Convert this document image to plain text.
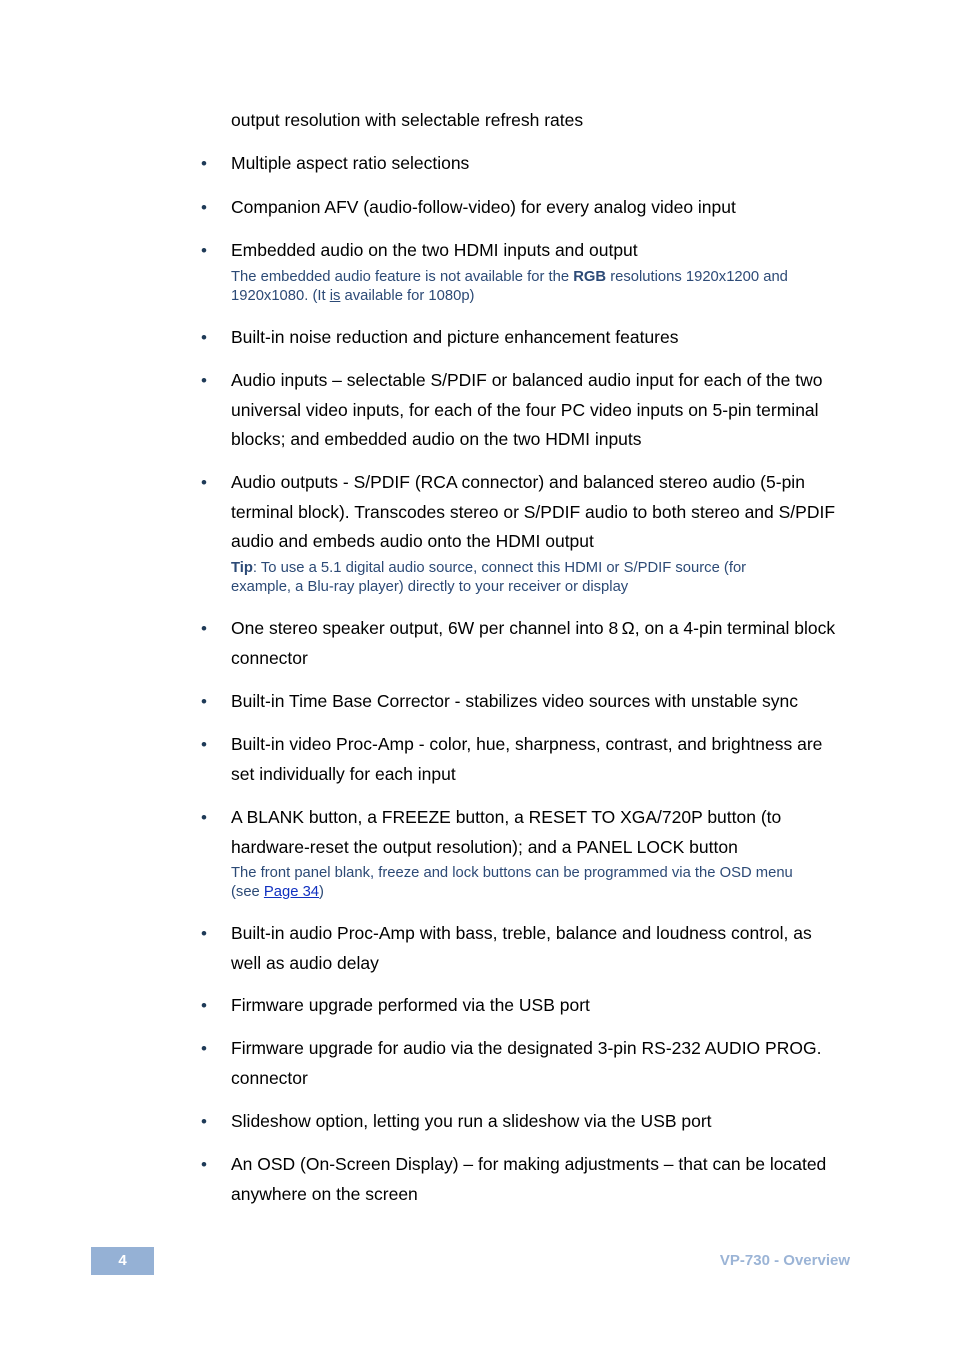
output resolution with selectable refresh rates
•
Multiple aspect ratio selections
•
Companion AFV (audio-follow-video) for every analog video input
•
Embedded audio on the two HDMI inputs and output
•
Built-in noise reduction and picture enhancement features
•
Audio inputs – selectable S/PDIF or balanced audio input for each of the two
universal video inputs, for each of the four PC video inputs on 5-pin terminal
blocks; and embedded audio on the two HDMI inputs
•
Audio outputs - S/PDIF (RCA connector) and balanced stereo audio (5-pin
terminal block). Transcodes stereo or S/PDIF audio to both stereo and S/PDIF
audio and embeds audio onto the HDMI output
•
One stereo speaker output, 6W per channel into 8 Ω, on a 4-pin terminal block
connector
•
Built-in Time Base Corrector - stabilizes video sources with unstable sync
•
Built-in video Proc-Amp - color, hue, sharpness, contrast, and brightness are
set individually for each input
•
A BLANK button, a FREEZE button, a RESET TO XGA/720P button (to
hardware-reset the output resolution); and a PANEL LOCK button
•
Built-in audio Proc-Amp with bass, treble, balance and loudness control, as
well as audio delay
•
Firmware upgrade performed via the USB port
•
Firmware upgrade for audio via the designated 3-pin RS-232 AUDIO PROG.
connector
•
Slideshow option, letting you run a slideshow via the USB port
•
An OSD (On-Screen Display) – for making adjustments – that can be located
anywhere on the screen
The embedded audio feature is not available for the RGB resolutions 1920x1200 and
1920x1080. (It is available for 1080p)
Tip: To use a 5.1 digital audio source, connect this HDMI or S/PDIF source (for
example, a Blu-ray player) directly to your receiver or display
The front panel blank, freeze and lock buttons can be programmed via the OSD menu
(see Page 34)
4	VP-730 - Overview
